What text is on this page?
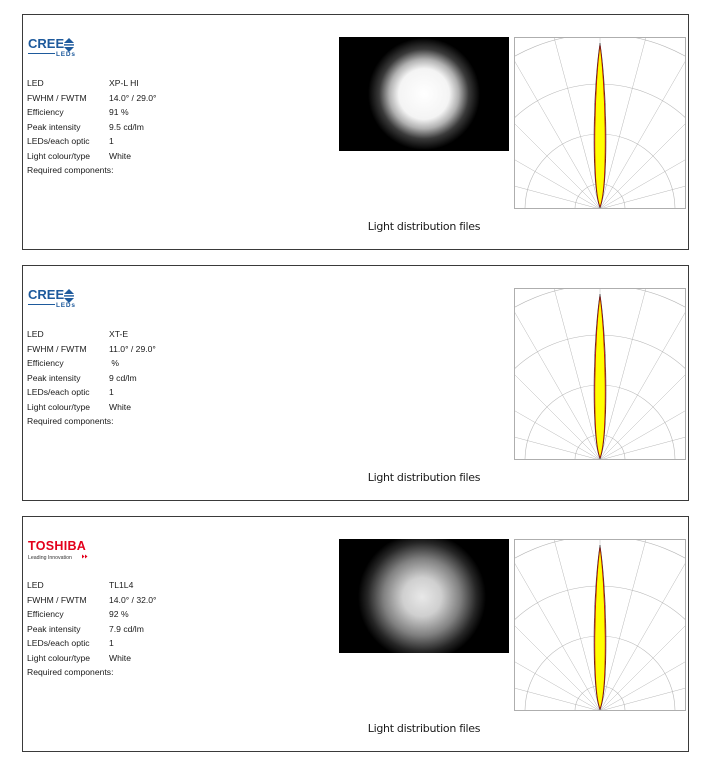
CREE
LEDs
LED	XP-L HI
FWHM / FWTM	14.0° / 29.0°
Efficiency	91 %
Peak intensity	9.5 cd/lm
LEDs/each optic 1
Light colour/type White
Required components:
Light distribution files
CREE
LEDs
LED	XT-E
FWHM / FWTM	11.0° / 29.0°
Efficiency	%
Peak intensity	9 cd/lm
LEDs/each optic 1
Light colour/type White
Required components:
Light distribution files
TOSHIBA
Leading Innovation
LED	TL1L4
FWHM / FWTM	14.0° / 32.0°
Efficiency	92 %
Peak intensity	7.9 cd/lm
LEDs/each optic 1
Light colour/type White
Required components:
Light distribution files
